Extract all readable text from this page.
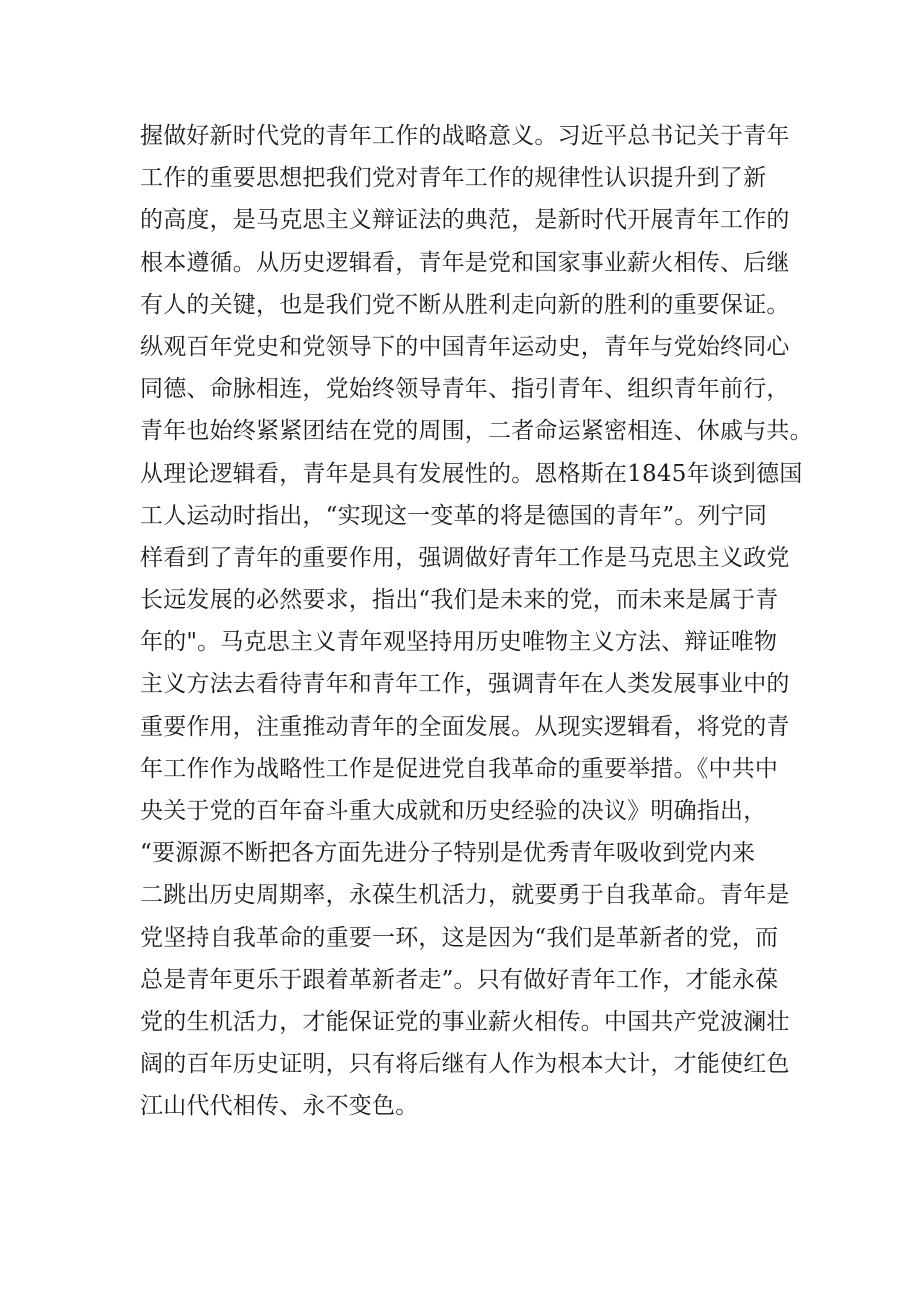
握做好新时代党的青年工作的战略意义。习近平总书记关于青年
工作的重要思想把我们党对青年工作的规律性认识提升到了新
的高度，是马克思主义辩证法的典范，是新时代开展青年工作的
根本遵循。从历史逻辑看，青年是党和国家事业薪火相传、后继
有人的关键，也是我们党不断从胜利走向新的胜利的重要保证。
纵观百年党史和党领导下的中国青年运动史，青年与党始终同心
同德、命脉相连，党始终领导青年、指引青年、组织青年前行，
青年也始终紧紧团结在党的周围，二者命运紧密相连、休戚与共。
从理论逻辑看，青年是具有发展性的。恩格斯在1845年谈到德国
工人运动时指出，“实现这一变革的将是德国的青年”。列宁同
样看到了青年的重要作用，强调做好青年工作是马克思主义政党
长远发展的必然要求，指出“我们是未来的党，而未来是属于青
年的"。马克思主义青年观坚持用历史唯物主义方法、辩证唯物
主义方法去看待青年和青年工作，强调青年在人类发展事业中的
重要作用，注重推动青年的全面发展。从现实逻辑看，将党的青
年工作作为战略性工作是促进党自我革命的重要举措。《中共中
央关于党的百年奋斗重大成就和历史经验的决议》明确指出，
“要源源不断把各方面先进分子特别是优秀青年吸收到党内来
二跳出历史周期率，永葆生机活力，就要勇于自我革命。青年是
党坚持自我革命的重要一环，这是因为“我们是革新者的党，而
总是青年更乐于跟着革新者走”。只有做好青年工作，才能永葆
党的生机活力，才能保证党的事业薪火相传。中国共产党波澜壮
阔的百年历史证明，只有将后继有人作为根本大计，才能使红色
江山代代相传、永不变色。
